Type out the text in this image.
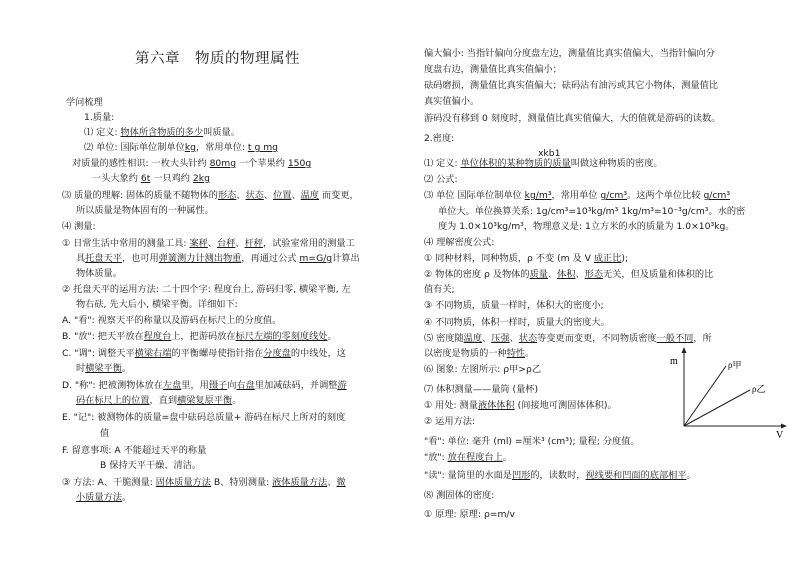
第六章　物质的物理属性
学问梳理
1.质量:
⑴ 定义: 物体所含物质的多少叫质量。
⑵ 单位: 国际单位制单位kg，常用单位: t g mg
对质量的感性相识: 一枚大头针约 80mg 一个苹果约 150g
一头大象约 6t 一只鸡约 2kg
⑶ 质量的理解: 固体的质量不随物体的形态、状态、位置、温度 而变更，
所以质量是物体固有的一种属性。
⑷ 测量:
① 日常生活中常用的测量工具: 案秤、台秤、杆秤，试验室常用的测量工
具托盘天平，也可用弹簧测力计测出物重，再通过公式 m=G/g计算出
物体质量。
② 托盘天平的运用方法: 二十四个字: 程度台上, 游码归零, 横梁平衡, 左
物右砝, 先大后小, 横梁平衡。详细如下:
A. "看": 视察天平的称量以及游码在标尺上的分度值。
B. "放": 把天平放在程度台上，把游码放在标尺左端的零刻度线处。
C. "调": 调整天平横梁右端的平衡螺母使指针指在分度盘的中线处，这
时横梁平衡。
D. "称": 把被测物体放在左盘里，用镊子向右盘里加减砝码，并调整游
码在标尺上的位置，直到横梁复原平衡。
E. "记": 被测物体的质量=盘中砝码总质量+ 游码在标尺上所对的刻度
值
F. 留意事项: A 不能超过天平的称量
B 保持天平干燥、清洁。
③ 方法: A、干脆测量: 固体质量方法 B、特别测量: 液体质量方法、微
小质量方法。
m
V
ρ甲
ρ乙
偏大偏小: 当指针偏向分度盘左边，测量值比真实值偏大，当指针偏向分
度盘右边，测量值比真实值偏小；
砝码磨损，测量值比真实值偏大；砝码沾有油污或其它小物体，测量值比
真实值偏小。
游码没有移到 0 刻度时，测量值比真实值偏大，大的值就是游码的读数。
2.密度:
xkb1
⑴ 定义: 单位体积的某种物质的质量叫做这种物质的密度。
⑵ 公式:
⑶ 单位 国际单位制单位 kg/m³，常用单位 g/cm³。这两个单位比较 g/cm³
单位大。单位换算关系: 1g/cm³=10³kg/m³ 1kg/m³=10⁻³g/cm³。水的密
度为 1.0×10³kg/m³，物理意义是: 1立方米的水的质量为 1.0×10³kg。
⑷ 理解密度公式:
① 同种材料，同种物质，ρ 不变 (m 及 V 成正比);
② 物体的密度 ρ 及物体的质量、体积、形态无关，但及质量和体积的比
值有关;
③ 不同物质，质量一样时，体积大的密度小;
④ 不同物质，体积一样时，质量大的密度大。
⑸ 密度随温度、压强、状态等变更而变更，不同物质密度一般不同，所
以密度是物质的一种特性。
⑹ 图象: 左图所示: ρ甲>ρ乙
⑺ 体积测量——量筒 (量杯)
① 用处: 测量液体体积 (间接地可测固体体积)。
② 运用方法:
"看": 单位: 毫升 (ml) =厘米³ (cm³); 量程; 分度值。
"放": 放在程度台上。
"读": 量筒里的水面是凹形的，读数时，视线要和凹面的底部相平。
⑻ 测固体的密度:
① 原理: 原理: ρ=m/v
